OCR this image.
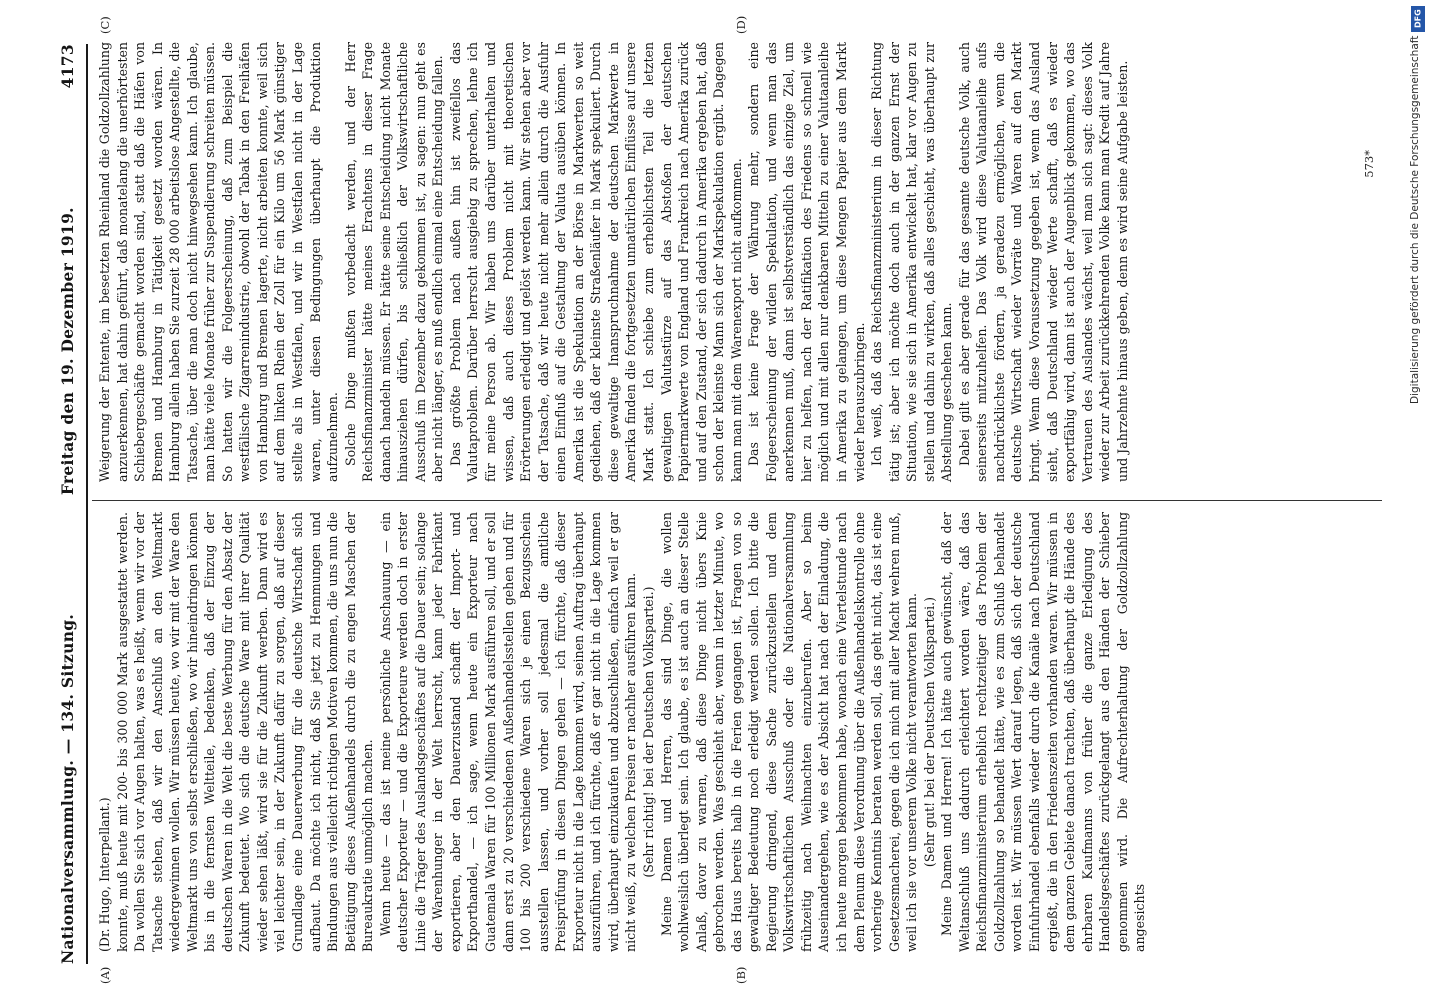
Nationalversammlung. — 134. Sitzung.
Freitag den 19. Dezember 1919.
4173
(A)	(B)
(C)	(D)

(Dr. Hugo, Interpellant.) konnte, muß heute mit 200- bis 300 000 Mark ausgestattet werden. Da wollen Sie sich vor Augen halten, was es heißt, wenn wir vor der Tatsache stehen, daß wir den Anschluß an den Weltmarkt wiedergewinnen wollen. Wir müssen heute, wo wir mit der Ware den Weltmarkt uns von selbst erschließen, wo wir hineindringen können bis in die fernsten Weltteile, bedenken, daß der Einzug der deutschen Waren in die Welt die beste Werbung für den Absatz der Zukunft bedeutet. Wo sich die deutsche Ware mit ihrer Qualität wieder sehen läßt, wird sie für die Zukunft werben. Dann wird es viel leichter sein, in der Zukunft dafür zu sorgen, daß auf dieser Grundlage eine Dauerwerbung für die deutsche Wirtschaft sich aufbaut. Da möchte ich nicht, daß Sie jetzt zu Hemmungen und Bindungen aus vielleicht richtigen Motiven kommen, die uns nun die Betätigung dieses Außenhandels durch die zu engen Maschen der Bureaukratie unmöglich machen. Wenn heute — das ist meine persönliche Anschauung — ein deutscher Exporteur — und die Exporteure werden doch in erster Linie die Träger des Auslandsgeschäftes auf die Dauer sein; solange der Warenhunger in der Welt herrscht, kann jeder Fabrikant exportieren, aber den Dauerzustand schafft der Import- und Exporthandel, — ich sage, wenn heute ein Exporteur nach Guatemala Waren für 100 Millionen Mark ausführen soll, und er soll dann erst zu 20 verschiedenen Außenhandelsstellen gehen und für 100 bis 200 verschiedene Waren sich je einen Bezugsschein ausstellen lassen, und vorher soll jedesmal die amtliche Preisprüfung in diesen Dingen gehen — ich fürchte, daß dieser Exporteur nicht in die Lage kommen wird, seinen Auftrag überhaupt auszuführen, und ich fürchte, daß er gar nicht in die Lage kommen wird, überhaupt einzukaufen und abzuschließen, einfach weil er gar nicht weiß, zu welchen Preisen er nachher ausführen kann. (Sehr richtig! bei der Deutschen Volkspartei.) Meine Damen und Herren, das sind Dinge, die wollen wohlweislich überlegt sein. Ich glaube, es ist auch an dieser Stelle Anlaß, davor zu warnen, daß diese Dinge nicht übers Knie gebrochen werden. Was geschieht aber, wenn in letzter Minute, wo das Haus bereits halb in die Ferien gegangen ist, Fragen von so gewaltiger Bedeutung noch erledigt werden sollen. Ich bitte die Regierung dringend, diese Sache zurückzustellen und dem Volkswirtschaftlichen Ausschuß oder die Nationalversammlung frühzeitig nach Weihnachten einzuberufen. Aber so beim Auseinandergehen, wie es der Absicht hat nach der Einladung, die ich heute morgen bekommen habe, wonach eine Viertelstunde nach dem Plenum diese Verordnung über die Außenhandelskontrolle ohne vorherige Kenntnis beraten werden soll, das geht nicht, das ist eine Gesetzesmacherei, gegen die ich mich mit aller Macht wehren muß, weil ich sie vor unserem Volke nicht verantworten kann. (Sehr gut! bei der Deutschen Volkspartei.) Meine Damen und Herren! Ich hätte auch gewünscht, daß der Weltanschluß uns dadurch erleichtert worden wäre, daß das Reichsfinanzministerium erheblich rechtzeitiger das Problem der Goldzollzahlung so behandelt hätte, wie es zum Schluß behandelt worden ist. Wir müssen Wert darauf legen, daß sich der deutsche Einfuhrhandel ebenfalls wieder durch die Kanäle nach Deutschland ergießt, die in den Friedenszeiten vorhanden waren. Wir müssen in dem ganzen Gebiete danach trachten, daß überhaupt die Hände des ehrbaren Kaufmanns von früher die ganze Erledigung des Handelsgeschäftes zurückgelangt aus den Händen der Schieber genommen wird. Die Aufrechterhaltung der Goldzollzahlung angesichts

Weigerung der Entente, im besetzten Rheinland die Goldzollzahlung anzuerkennen, hat dahin geführt, daß monatelang die unerhörtesten Schiebergeschäfte gemacht worden sind, statt daß die Häfen von Bremen und Hamburg in Tätigkeit gesetzt worden wären. In Hamburg allein haben Sie zurzeit 28 000 arbeitslose Angestellte, die Tatsache, über die man doch nicht hinwegsehen kann. Ich glaube, man hätte viele Monate früher zur Suspendierung schreiten müssen. So hatten wir die Folgeerscheinung, daß zum Beispiel die westfälische Zigarrenindustrie, obwohl der Tabak in den Freihäfen von Hamburg und Bremen lagerte, nicht arbeiten konnte, weil sich auf dem linken Rhein der Zoll für ein Kilo um 56 Mark günstiger stellte als in Westfalen, und wir in Westfalen nicht in der Lage waren, unter diesen Bedingungen überhaupt die Produktion aufzunehmen. Solche Dinge mußten vorbedacht werden, und der Herr Reichsfinanzminister hätte meines Erachtens in dieser Frage danach handeln müssen. Er hätte seine Entscheidung nicht Monate hinausziehen dürfen, bis schließlich der Volkswirtschaftliche Ausschuß im Dezember dazu gekommen ist, zu sagen: nun geht es aber nicht länger, es muß endlich einmal eine Entscheidung fallen. Das größte Problem nach außen hin ist zweifellos das Valutaproblem. Darüber herrscht ausgiebig zu sprechen, lehne ich für meine Person ab. Wir haben uns darüber unterhalten und wissen, daß auch dieses Problem nicht mit theoretischen Erörterungen erledigt und gelöst werden kann. Wir stehen aber vor der Tatsache, daß wir heute nicht mehr allein durch die Ausfuhr einen Einfluß auf die Gestaltung der Valuta ausüben können. In Amerika ist die Spekulation an der Börse in Markwerten so weit gediehen, daß der kleinste Straßenläufer in Mark spekuliert. Durch diese gewaltige Inanspruchnahme der deutschen Markwerte in Amerika finden die fortgesetzten unnatürlichen Einflüsse auf unsere Mark statt. Ich schiebe zum erheblichsten Teil die letzten gewaltigen Valutastürze auf das Abstoßen der deutschen Papiermarkwerte von England und Frankreich nach Amerika zurück und auf den Zustand, der sich dadurch in Amerika ergeben hat, daß schon der kleinste Mann sich der Markspekulation ergibt. Dagegen kann man mit dem Warenexport nicht aufkommen. Das ist keine Frage der Währung mehr, sondern eine Folgeerscheinung der wilden Spekulation, und wenn man das anerkennen muß, dann ist selbstverständlich das einzige Ziel, um hier zu helfen, nach der Ratifikation des Friedens so schnell wie möglich und mit allen nur denkbaren Mitteln zu einer Valutaanleihe in Amerika zu gelangen, um diese Mengen Papier aus dem Markt wieder herauszubringen. Ich weiß, daß das Reichsfinanzministerium in dieser Richtung tätig ist; aber ich möchte doch auch in der ganzen Ernst der Situation, wie sie sich in Amerika entwickelt hat, klar vor Augen zu stellen und dahin zu wirken, daß alles geschieht, was überhaupt zur Abstellung geschehen kann. Dabei gilt es aber gerade für das gesamte deutsche Volk, auch seinerseits mitzuhelfen. Das Volk wird diese Valutaanleihe aufs nachdrücklichste fördern, ja geradezu ermöglichen, wenn die deutsche Wirtschaft wieder Vorräte und Waren auf den Markt bringt. Wenn diese Voraussetzung gegeben ist, wenn das Ausland sieht, daß Deutschland wieder Werte schafft, daß es wieder exportfähig wird, dann ist auch der Augenblick gekommen, wo das Vertrauen des Auslandes wächst, weil man sich sagt: dieses Volk wieder zur Arbeit zurückkehrenden Volke kann man Kredit auf Jahre und Jahrzehnte hinaus geben, denn es wird seine Aufgabe leisten.	573*
DFG
Digitalisierung gefördert durch die Deutsche Forschungsgemeinschaft
